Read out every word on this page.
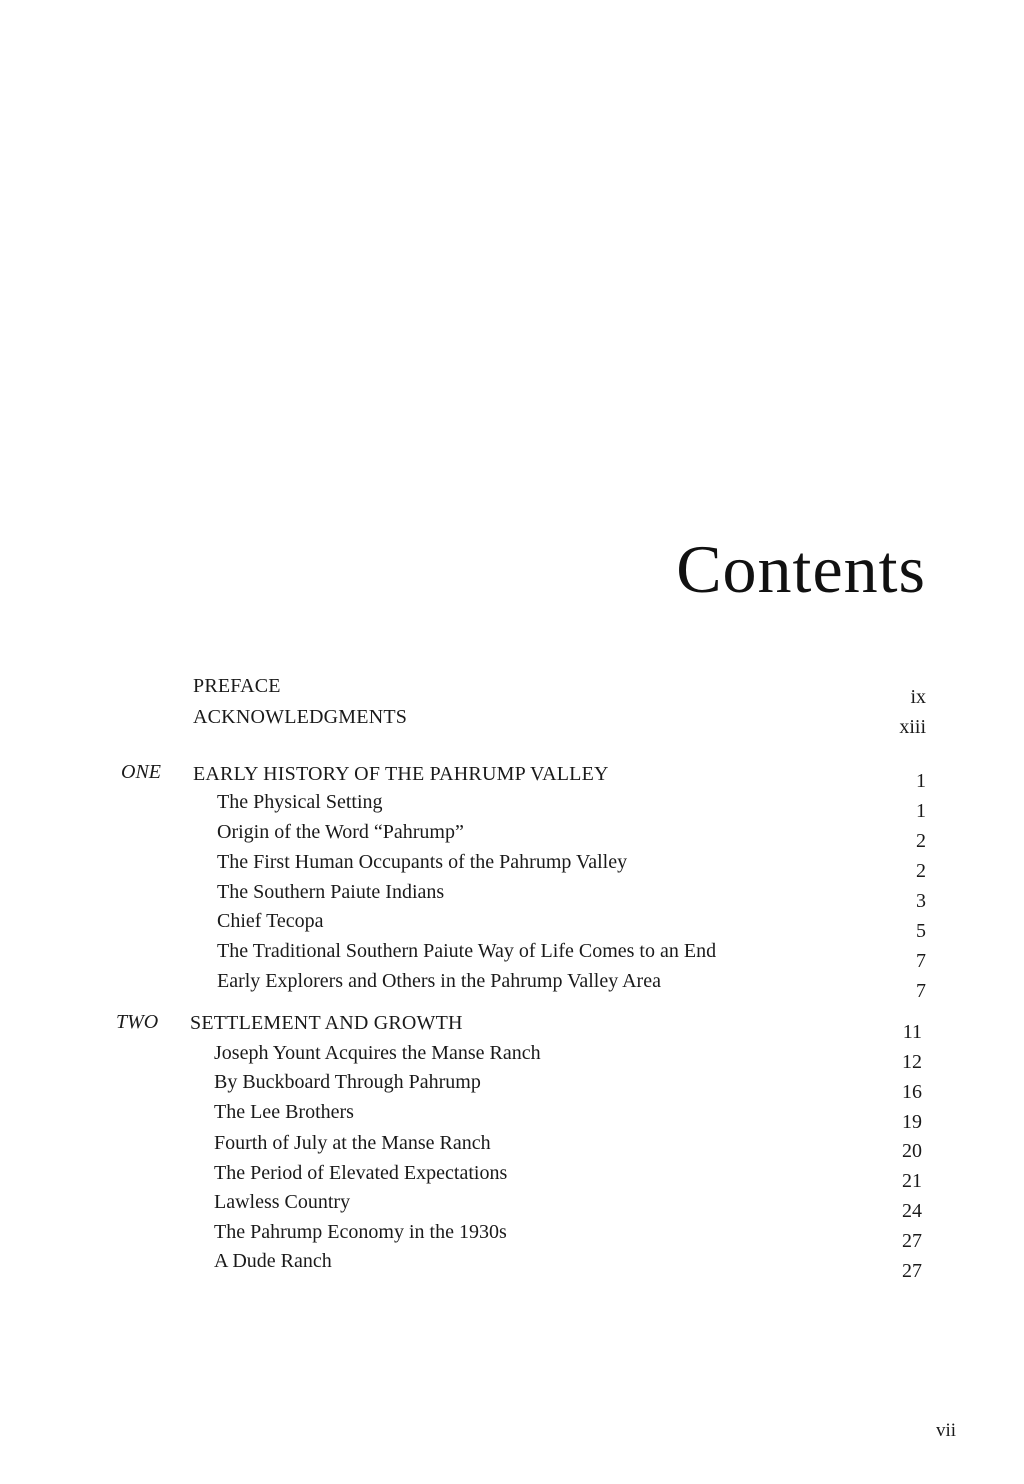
Contents
PREFACE	ix
ACKNOWLEDGMENTS	xiii
ONE EARLY HISTORY OF THE PAHRUMP VALLEY	1
The Physical Setting	1
Origin of the Word “Pahrump”	2
The First Human Occupants of the Pahrump Valley	2
The Southern Paiute Indians	3
Chief Tecopa	5
The Traditional Southern Paiute Way of Life Comes to an End	7
Early Explorers and Others in the Pahrump Valley Area	7
TWO SETTLEMENT AND GROWTH	11
Joseph Yount Acquires the Manse Ranch	12
By Buckboard Through Pahrump	16
The Lee Brothers	19
Fourth of July at the Manse Ranch	20
The Period of Elevated Expectations	21
Lawless Country	24
The Pahrump Economy in the 1930s	27
A Dude Ranch	27
vii
